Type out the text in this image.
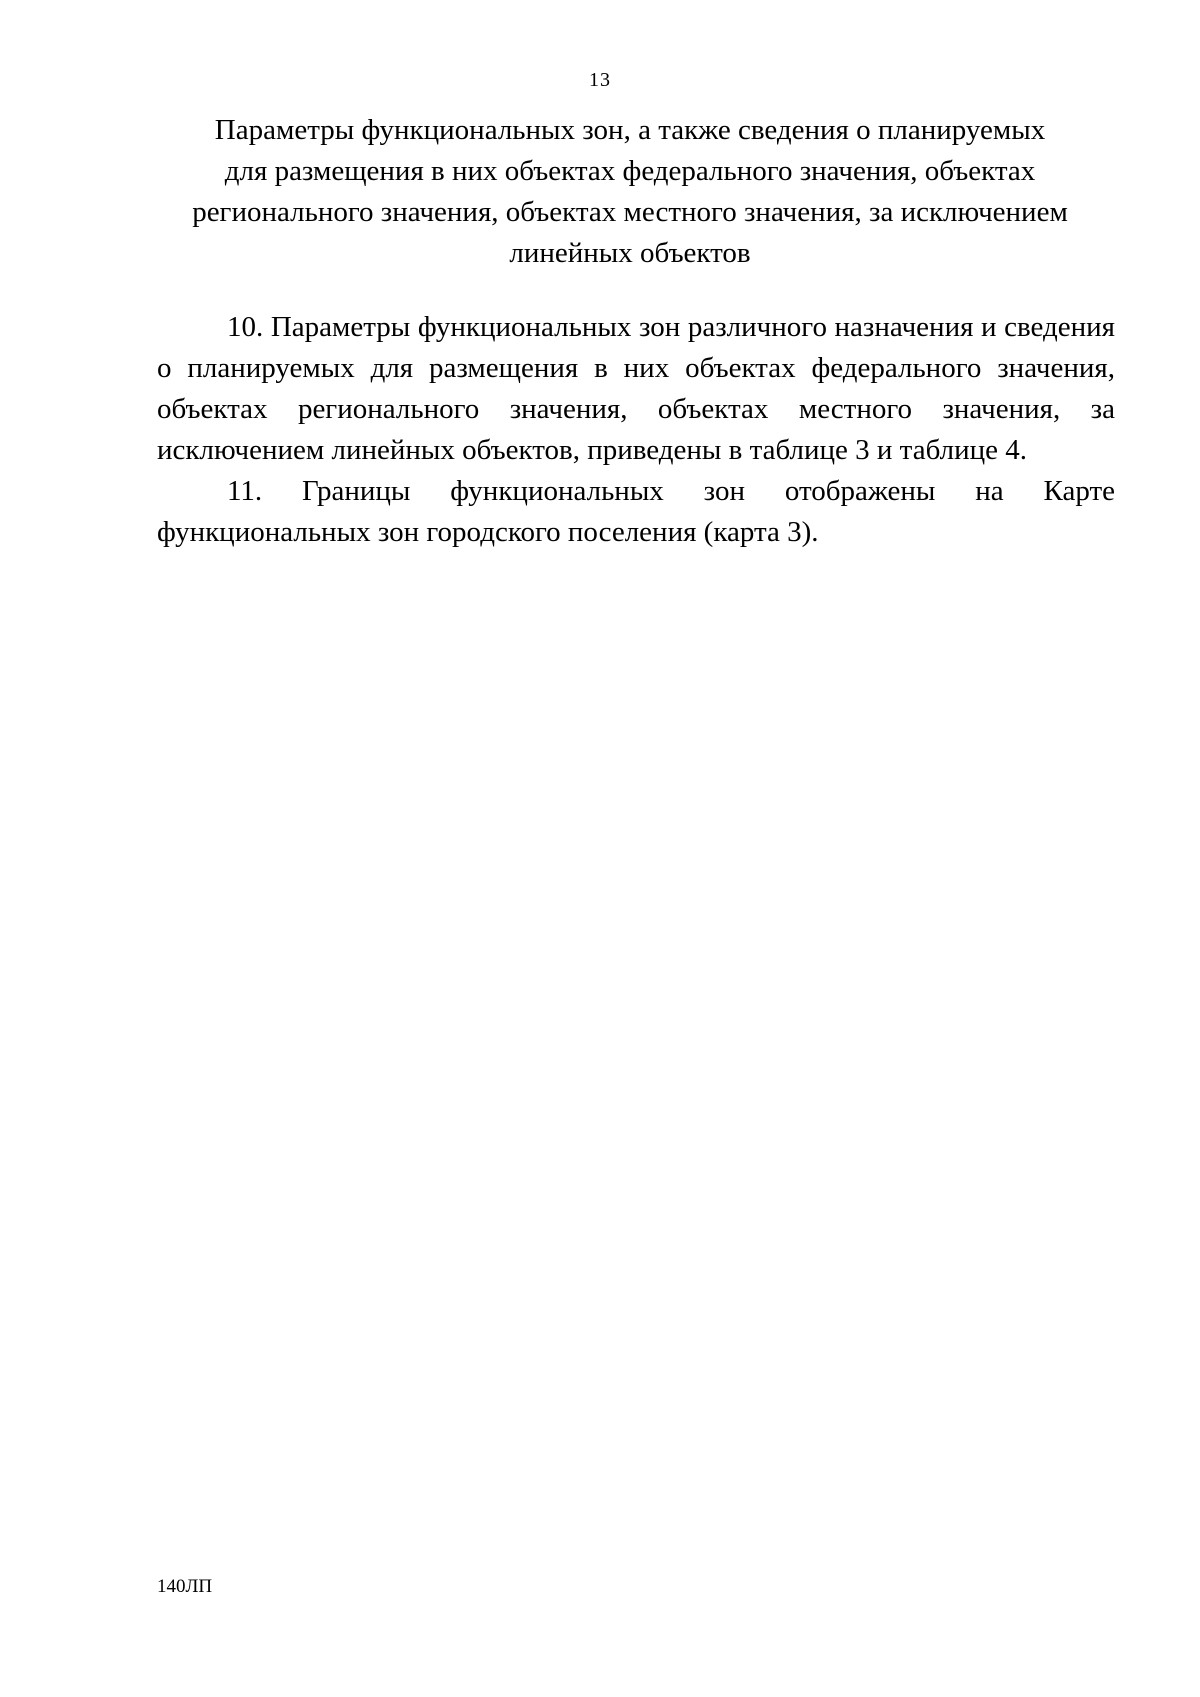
13
Параметры функциональных зон, а также сведения о планируемых
для размещения в них объектах федерального значения, объектах
регионального значения, объектах местного значения, за исключением
линейных объектов

10. Параметры функциональных зон различного назначения и сведения о планируемых для размещения в них объектах федерального значения, объектах регионального значения, объектах местного значения, за исключением линейных объектов, приведены в таблице 3 и таблице 4.

11. Границы функциональных зон отображены на Карте функциональных зон городского поселения (карта 3).

140ЛП
